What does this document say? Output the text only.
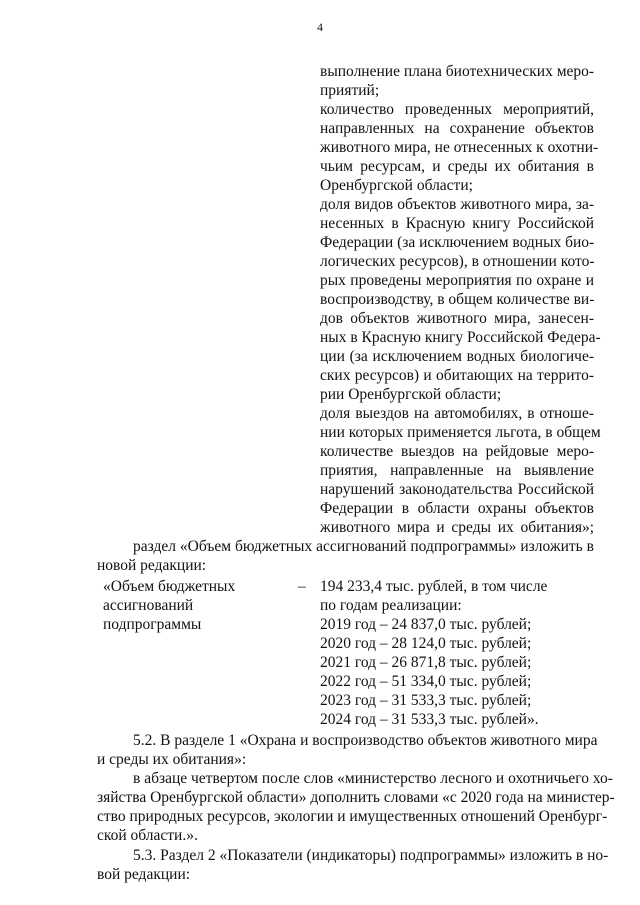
4
выполнение плана биотехнических меро-
приятий;
количество проведенных мероприятий,
направленных на сохранение объектов
животного мира, не отнесенных к охотни-
чьим ресурсам, и среды их обитания в
Оренбургской области;
доля видов объектов животного мира, за-
несенных в Красную книгу Российской
Федерации (за исключением водных био-
логических ресурсов), в отношении кото-
рых проведены мероприятия по охране и
воспроизводству, в общем количестве ви-
дов объектов животного мира, занесен-
ных в Красную книгу Российской Федера-
ции (за исключением водных биологиче-
ских ресурсов) и обитающих на террито-
рии Оренбургской области;
доля выездов на автомобилях, в отноше-
нии которых применяется льгота, в общем
количестве выездов на рейдовые меро-
приятия, направленные на выявление
нарушений законодательства Российской
Федерации в области охраны объектов
животного мира и среды их обитания»;
раздел «Объем бюджетных ассигнований подпрограммы» изложить в
новой редакции:
«Объем бюджетных
ассигнований
подпрограммы
– 194 233,4 тыс. рублей, в том числе
по годам реализации:
2019 год – 24 837,0 тыс. рублей;
2020 год – 28 124,0 тыс. рублей;
2021 год – 26 871,8 тыс. рублей;
2022 год – 51 334,0 тыс. рублей;
2023 год – 31 533,3 тыс. рублей;
2024 год – 31 533,3 тыс. рублей».
5.2. В разделе 1 «Охрана и воспроизводство объектов животного мира
и среды их обитания»:
в абзаце четвертом после слов «министерство лесного и охотничьего хо-
зяйства Оренбургской области» дополнить словами «с 2020 года на министер-
ство природных ресурсов, экологии и имущественных отношений Оренбург-
ской области.».
5.3. Раздел 2 «Показатели (индикаторы) подпрограммы» изложить в но-
вой редакции:
